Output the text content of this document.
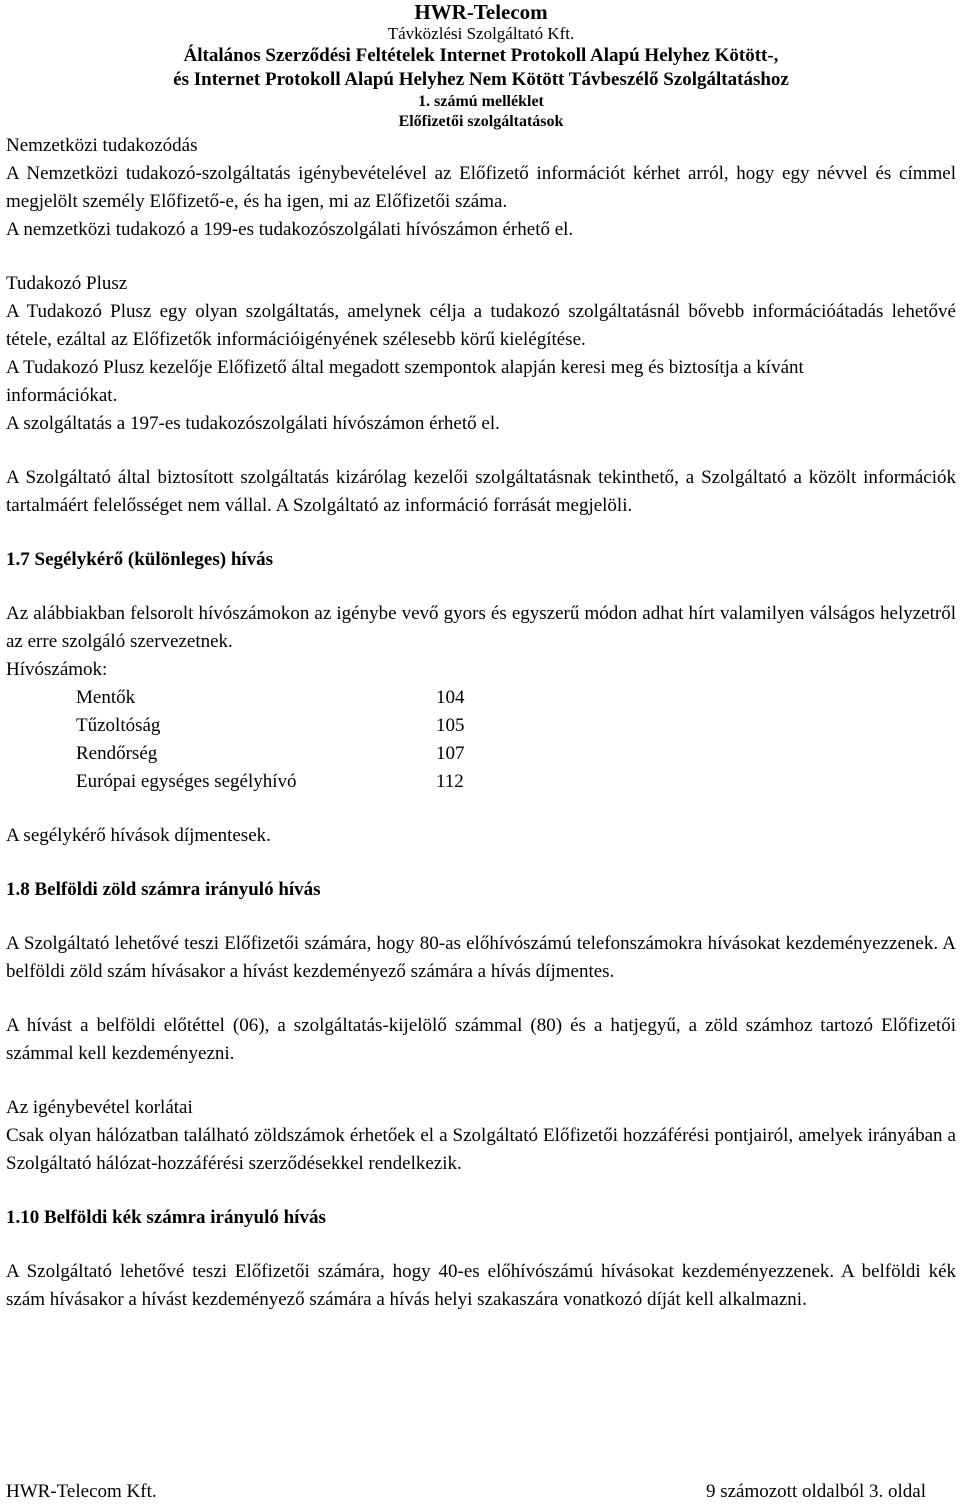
HWR-Telecom
Távközlési Szolgáltató Kft.
Általános Szerződési Feltételek Internet Protokoll Alapú Helyhez Kötött-,
és Internet Protokoll Alapú Helyhez Nem Kötött Távbeszélő Szolgáltatáshoz
1. számú melléklet
Előfizetői szolgáltatások

Nemzetközi tudakozódás

A Nemzetközi tudakozó-szolgáltatás igénybevételével az Előfizető információt kérhet arról, hogy egy névvel és címmel megjelölt személy Előfizető-e, és ha igen, mi az Előfizetői száma.

A nemzetközi tudakozó a 199-es tudakozószolgálati hívószámon érhető el.

Tudakozó Plusz

A Tudakozó Plusz egy olyan szolgáltatás, amelynek célja a tudakozó szolgáltatásnál bővebb információátadás lehetővé tétele, ezáltal az Előfizetők információigényének szélesebb körű kielégítése.

A Tudakozó Plusz kezelője Előfizető által megadott szempontok alapján keresi meg és biztosítja a kívánt információkat.

A szolgáltatás a 197-es tudakozószolgálati hívószámon érhető el.

A Szolgáltató által biztosított szolgáltatás kizárólag kezelői szolgáltatásnak tekinthető, a Szolgáltató a közölt információk tartalmáért felelősséget nem vállal. A Szolgáltató az információ forrását megjelöli.

1.7 Segélykérő (különleges) hívás

Az alábbiakban felsorolt hívószámokon az igénybe vevő gyors és egyszerű módon adhat hírt valamilyen válságos helyzetről az erre szolgáló szervezetnek.

Hívószámok:

Mentők	104
Tűzoltóság	105
Rendőrség	107
Európai egységes segélyhívó	112

A segélykérő hívások díjmentesek.

1.8 Belföldi zöld számra irányuló hívás

A Szolgáltató lehetővé teszi Előfizetői számára, hogy 80-as előhívószámú telefonszámokra hívásokat kezdeményezzenek. A belföldi zöld szám hívásakor a hívást kezdeményező számára a hívás díjmentes.

A hívást a belföldi előtéttel (06), a szolgáltatás-kijelölő számmal (80) és a hatjegyű, a zöld számhoz tartozó Előfizetői számmal kell kezdeményezni.

Az igénybevétel korlátai

Csak olyan hálózatban található zöldszámok érhetőek el a Szolgáltató Előfizetői hozzáférési pontjairól, amelyek irányában a Szolgáltató hálózat-hozzáférési szerződésekkel rendelkezik.

1.10 Belföldi kék számra irányuló hívás

A Szolgáltató lehetővé teszi Előfizetői számára, hogy 40-es előhívószámú hívásokat kezdeményezzenek. A belföldi kék szám hívásakor a hívást kezdeményező számára a hívás helyi szakaszára vonatkozó díját kell alkalmazni.

HWR-Telecom Kft.	9 számozott oldalból 3. oldal
